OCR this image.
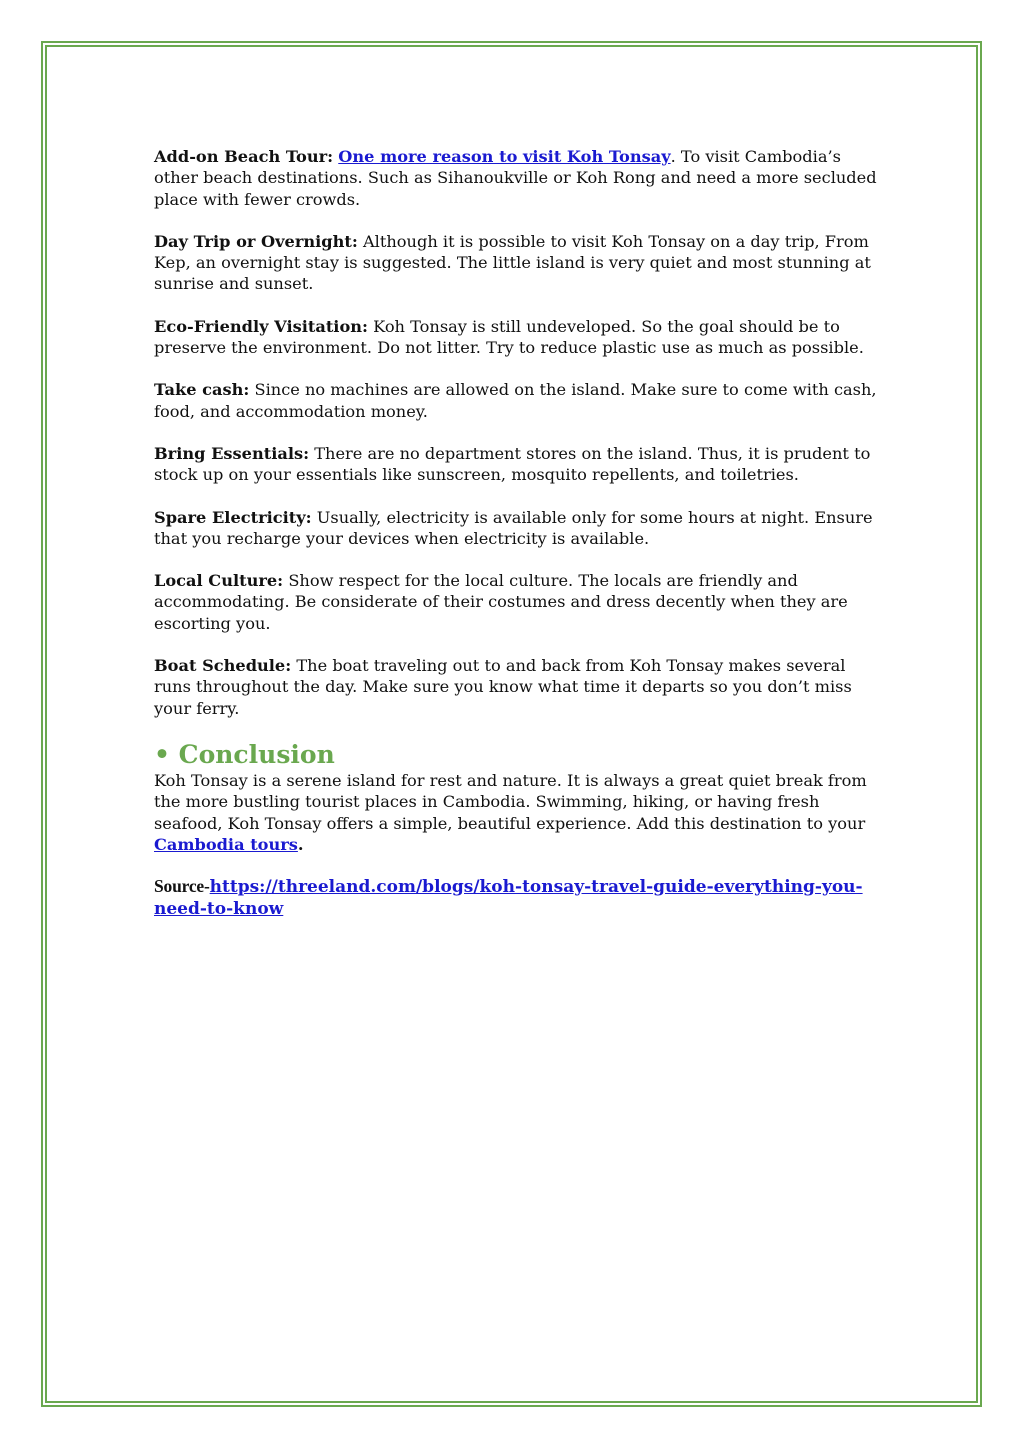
Add-on Beach Tour: One more reason to visit Koh Tonsay. To visit Cambodia’s other beach destinations. Such as Sihanoukville or Koh Rong and need a more secluded place with fewer crowds.

Day Trip or Overnight: Although it is possible to visit Koh Tonsay on a day trip, From Kep, an overnight stay is suggested. The little island is very quiet and most stunning at sunrise and sunset.

Eco-Friendly Visitation: Koh Tonsay is still undeveloped. So the goal should be to preserve the environment. Do not litter. Try to reduce plastic use as much as possible.

Take cash: Since no machines are allowed on the island. Make sure to come with cash, food, and accommodation money.

Bring Essentials: There are no department stores on the island. Thus, it is prudent to stock up on your essentials like sunscreen, mosquito repellents, and toiletries.

Spare Electricity: Usually, electricity is available only for some hours at night. Ensure that you recharge your devices when electricity is available.

Local Culture: Show respect for the local culture. The locals are friendly and accommodating. Be considerate of their costumes and dress decently when they are escorting you.

Boat Schedule: The boat traveling out to and back from Koh Tonsay makes several runs throughout the day. Make sure you know what time it departs so you don’t miss your ferry.

• Conclusion

Koh Tonsay is a serene island for rest and nature. It is always a great quiet break from the more bustling tourist places in Cambodia. Swimming, hiking, or having fresh seafood, Koh Tonsay offers a simple, beautiful experience. Add this destination to your Cambodia tours.

Source-https://threeland.com/blogs/koh-tonsay-travel-guide-everything-you-need-to-know
